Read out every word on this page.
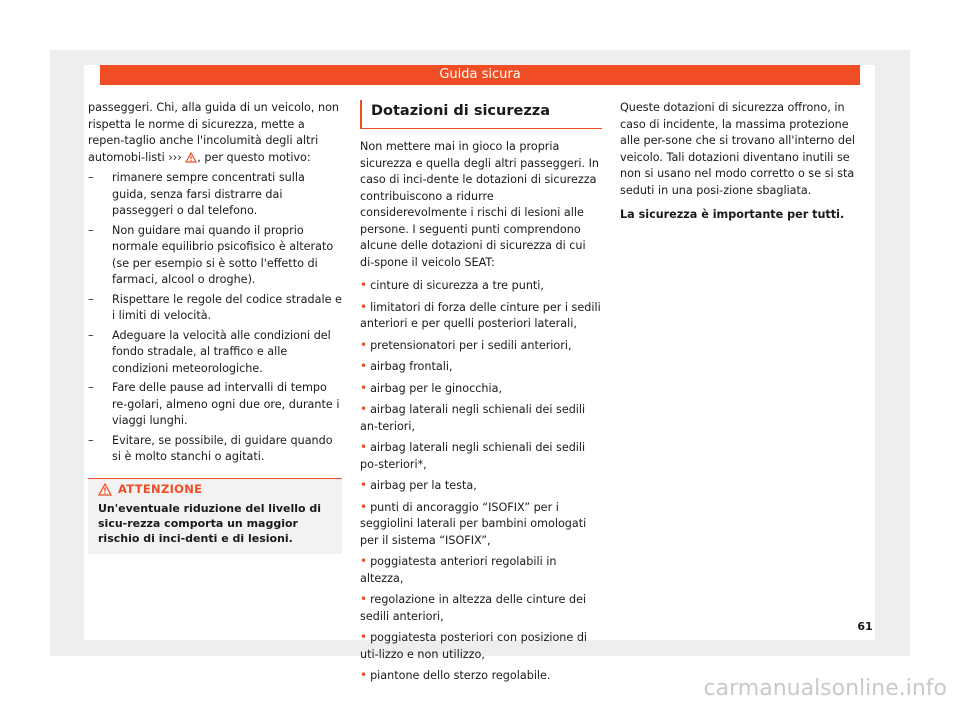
Guida sicura

passeggeri. Chi, alla guida di un veicolo, non rispetta le norme di sicurezza, mette a repen-taglio anche l'incolumità degli altri automobi-listi ››› , per questo motivo:

– rimanere sempre concentrati sulla guida, senza farsi distrarre dai passeggeri o dal telefono.
– Non guidare mai quando il proprio normale equilibrio psicofisico è alterato (se per esempio si è sotto l'effetto di farmaci, alcool o droghe).
– Rispettare le regole del codice stradale e i limiti di velocità.
– Adeguare la velocità alle condizioni del fondo stradale, al traffico e alle condizioni meteorologiche.
– Fare delle pause ad intervalli di tempo re-golari, almeno ogni due ore, durante i viaggi lunghi.
– Evitare, se possibile, di guidare quando si è molto stanchi o agitati.
ATTENZIONE
Un'eventuale riduzione del livello di sicu-rezza comporta un maggior rischio di inci-denti e di lesioni.
Dotazioni di sicurezza

Non mettere mai in gioco la propria sicurezza e quella degli altri passeggeri. In caso di inci-dente le dotazioni di sicurezza contribuiscono a ridurre considerevolmente i rischi di lesioni alle persone. I seguenti punti comprendono alcune delle dotazioni di sicurezza di cui di-spone il veicolo SEAT:

• cinture di sicurezza a tre punti,
• limitatori di forza delle cinture per i sedili anteriori e per quelli posteriori laterali,
• pretensionatori per i sedili anteriori,
• airbag frontali,
• airbag per le ginocchia,
• airbag laterali negli schienali dei sedili an-teriori,
• airbag laterali negli schienali dei sedili po-steriori*,
• airbag per la testa,
• punti di ancoraggio “ISOFIX” per i seggiolini laterali per bambini omologati per il sistema “ISOFIX”,
• poggiatesta anteriori regolabili in altezza,
• regolazione in altezza delle cinture dei sedili anteriori,
• poggiatesta posteriori con posizione di uti-lizzo e non utilizzo,
• piantone dello sterzo regolabile.

Queste dotazioni di sicurezza offrono, in caso di incidente, la massima protezione alle per-sone che si trovano all'interno del veicolo. Tali dotazioni diventano inutili se non si usano nel modo corretto o se si sta seduti in una posi-zione sbagliata.

La sicurezza è importante per tutti.

61
carmanualsonline.info
